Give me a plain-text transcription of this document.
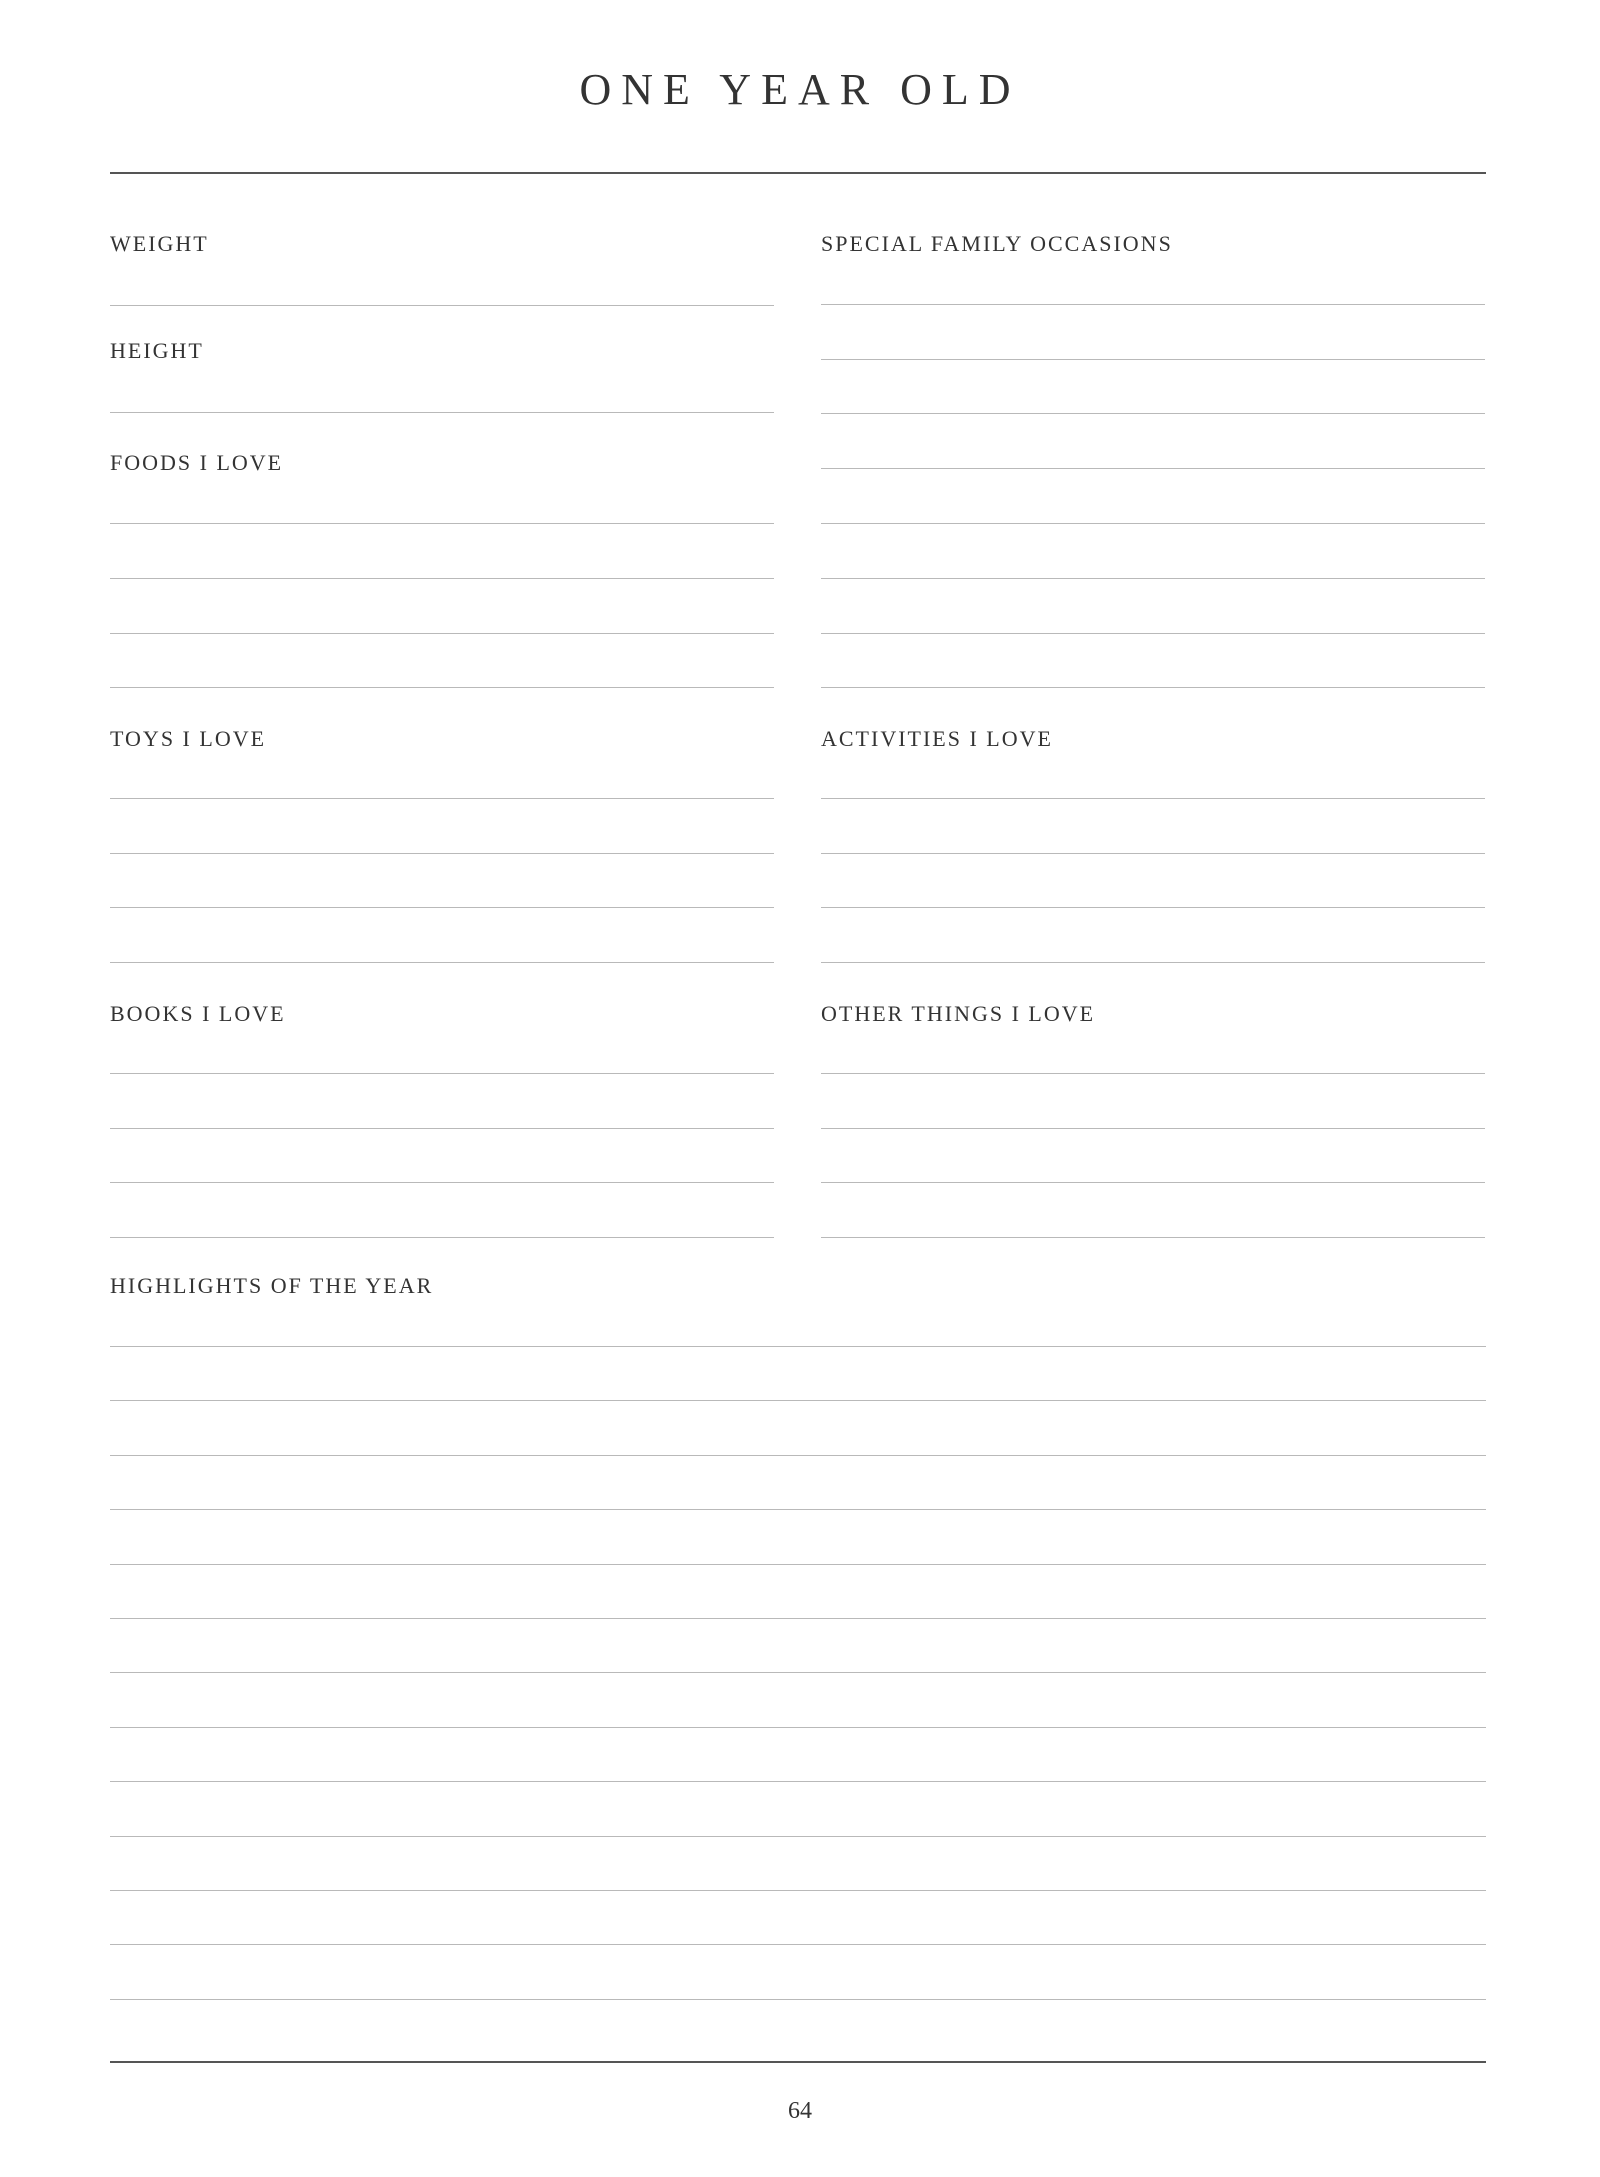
ONE YEAR OLD
WEIGHT
HEIGHT
FOODS I LOVE
TOYS I LOVE
BOOKS I LOVE
SPECIAL FAMILY OCCASIONS
ACTIVITIES I LOVE
OTHER THINGS I LOVE
HIGHLIGHTS OF THE YEAR
64
